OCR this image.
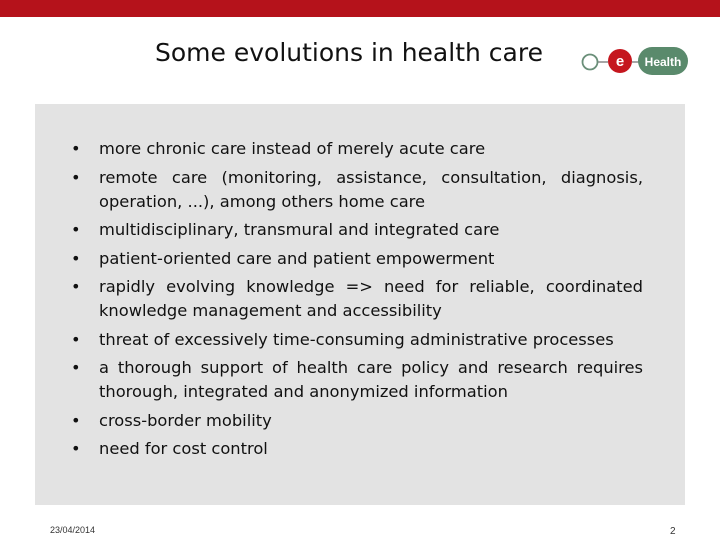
Some evolutions in health care	e Health
• more chronic care instead of merely acute care
• remote care (monitoring, assistance, consultation, diagnosis, operation, ...), among others home care
• multidisciplinary, transmural and integrated care
• patient-oriented care and patient empowerment
• rapidly evolving knowledge => need for reliable, coordinated knowledge management and accessibility
• threat of excessively time-consuming administrative processes
• a thorough support of health care policy and research requires thorough, integrated and anonymized information
• cross-border mobility
• need for cost control
23/04/2014	2
